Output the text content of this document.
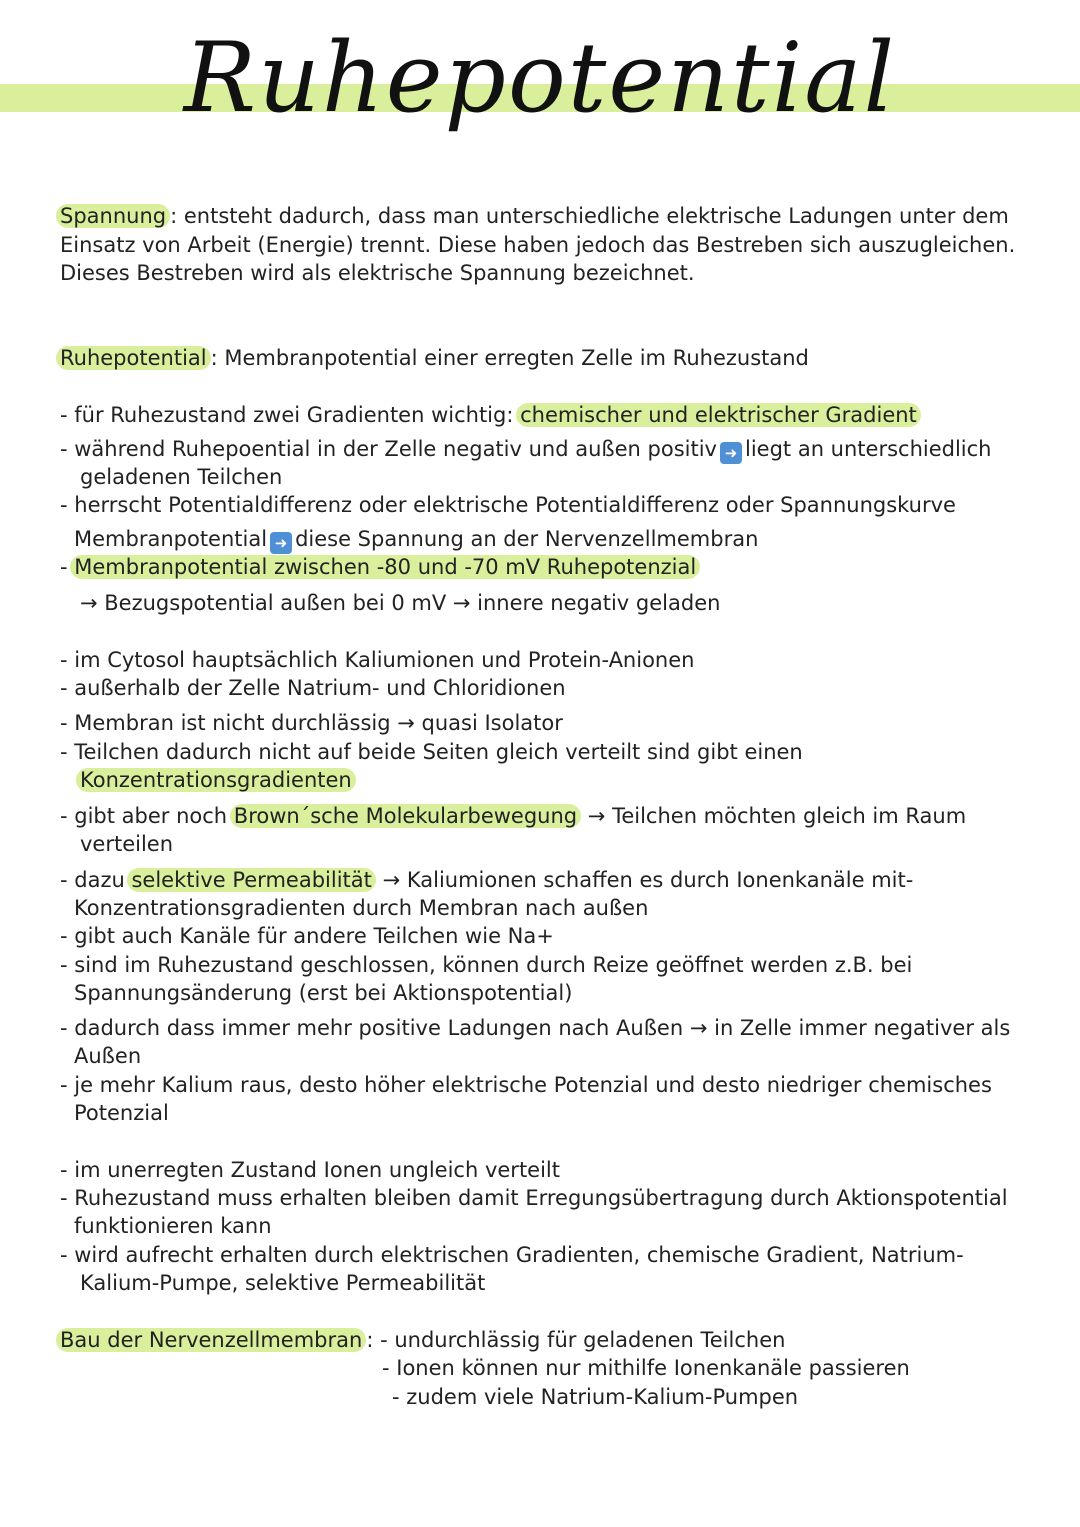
Ruhepotential
Spannung : entsteht dadurch, dass man unterschiedliche elektrische Ladungen unter dem
Einsatz von Arbeit (Energie) trennt. Diese haben jedoch das Bestreben sich auszugleichen.
Dieses Bestreben wird als elektrische Spannung bezeichnet.
Ruhepotential : Membranpotential einer erregten Zelle im Ruhezustand
- für Ruhezustand zwei Gradienten wichtig: chemischer und elektrischer Gradient
- während Ruhepoential in der Zelle negativ und außen positiv ➜ liegt an unterschiedlich
geladenen Teilchen
- herrscht Potentialdifferenz oder elektrische Potentialdifferenz oder Spannungskurve
Membranpotential ➜ diese Spannung an der Nervenzellmembran
- Membranpotential zwischen -80 und -70 mV Ruhepotenzial
→ Bezugspotential außen bei 0 mV → innere negativ geladen
- im Cytosol hauptsächlich Kaliumionen und Protein-Anionen
- außerhalb der Zelle Natrium- und Chloridionen
- Membran ist nicht durchlässig → quasi Isolator
- Teilchen dadurch nicht auf beide Seiten gleich verteilt sind gibt einen
Konzentrationsgradienten
- gibt aber noch Brown´sche Molekularbewegung → Teilchen möchten gleich im Raum
verteilen
- dazu selektive Permeabilität → Kaliumionen schaffen es durch Ionenkanäle mit-
Konzentrationsgradienten durch Membran nach außen
- gibt auch Kanäle für andere Teilchen wie Na+
- sind im Ruhezustand geschlossen, können durch Reize geöffnet werden z.B. bei
Spannungsänderung (erst bei Aktionspotential)
- dadurch dass immer mehr positive Ladungen nach Außen → in Zelle immer negativer als
Außen
- je mehr Kalium raus, desto höher elektrische Potenzial und desto niedriger chemisches
Potenzial
- im unerregten Zustand Ionen ungleich verteilt
- Ruhezustand muss erhalten bleiben damit Erregungsübertragung durch Aktionspotential
funktionieren kann
- wird aufrecht erhalten durch elektrischen Gradienten, chemische Gradient, Natrium-
Kalium-Pumpe, selektive Permeabilität
Bau der Nervenzellmembran : - undurchlässig für geladenen Teilchen
- Ionen können nur mithilfe Ionenkanäle passieren
- zudem viele Natrium-Kalium-Pumpen
